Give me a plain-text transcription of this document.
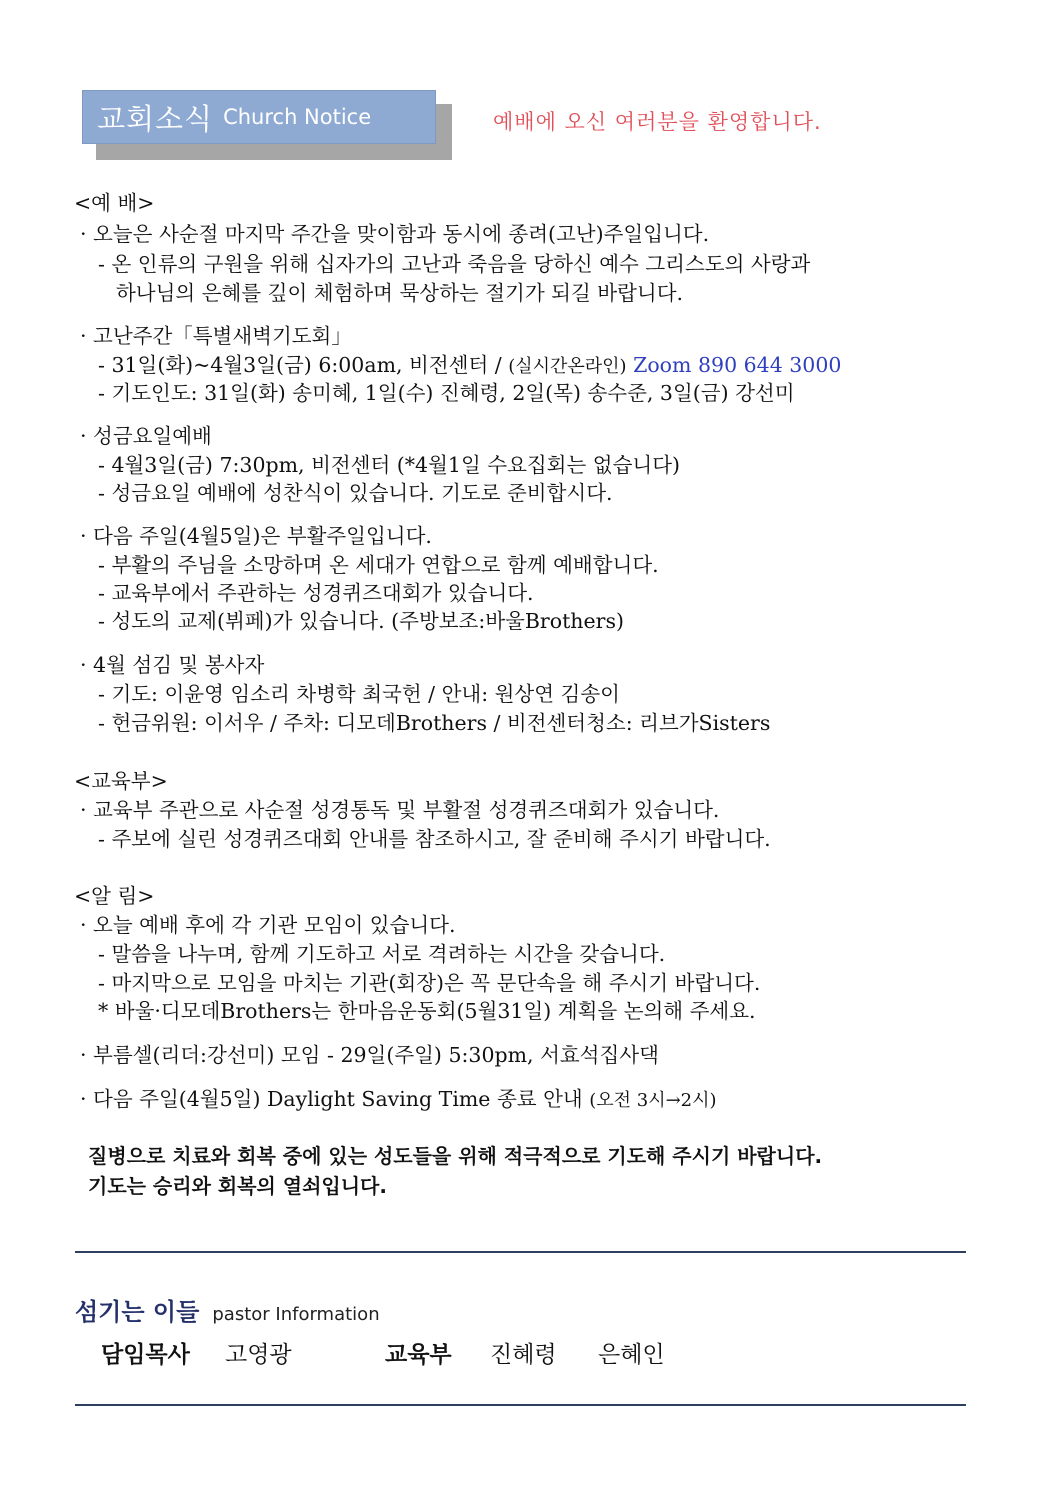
교회소식 Church Notice	예배에 오신 여러분을 환영합니다.
<예 배>
· 오늘은 사순절 마지막 주간을 맞이함과 동시에 종려(고난)주일입니다.
- 온 인류의 구원을 위해 십자가의 고난과 죽음을 당하신 예수 그리스도의 사랑과
하나님의 은혜를 깊이 체험하며 묵상하는 절기가 되길 바랍니다.
· 고난주간「특별새벽기도회」
- 31일(화)~4월3일(금) 6:00am, 비전센터 / (실시간온라인) Zoom 890 644 3000
- 기도인도: 31일(화) 송미혜, 1일(수) 진혜령, 2일(목) 송수준, 3일(금) 강선미
· 성금요일예배
- 4월3일(금) 7:30pm, 비전센터 (*4월1일 수요집회는 없습니다)
- 성금요일 예배에 성찬식이 있습니다. 기도로 준비합시다.
· 다음 주일(4월5일)은 부활주일입니다.
- 부활의 주님을 소망하며 온 세대가 연합으로 함께 예배합니다.
- 교육부에서 주관하는 성경퀴즈대회가 있습니다.
- 성도의 교제(뷔페)가 있습니다. (주방보조:바울Brothers)
· 4월 섬김 및 봉사자
- 기도: 이윤영 임소리 차병학 최국헌 / 안내: 원상연 김송이
- 헌금위원: 이서우 / 주차: 디모데Brothers / 비전센터청소: 리브가Sisters
<교육부>
· 교육부 주관으로 사순절 성경통독 및 부활절 성경퀴즈대회가 있습니다.
- 주보에 실린 성경퀴즈대회 안내를 참조하시고, 잘 준비해 주시기 바랍니다.
<알 림>
· 오늘 예배 후에 각 기관 모임이 있습니다.
- 말씀을 나누며, 함께 기도하고 서로 격려하는 시간을 갖습니다.
- 마지막으로 모임을 마치는 기관(회장)은 꼭 문단속을 해 주시기 바랍니다.
* 바울·디모데Brothers는 한마음운동회(5월31일) 계획을 논의해 주세요.
· 부름셀(리더:강선미) 모임 - 29일(주일) 5:30pm, 서효석집사댁
· 다음 주일(4월5일) Daylight Saving Time 종료 안내 (오전 3시→2시)
질병으로 치료와 회복 중에 있는 성도들을 위해 적극적으로 기도해 주시기 바랍니다.
기도는 승리와 회복의 열쇠입니다.
섬기는 이들 pastor Information
담임목사 고영광	교육부 진혜령 은혜인
